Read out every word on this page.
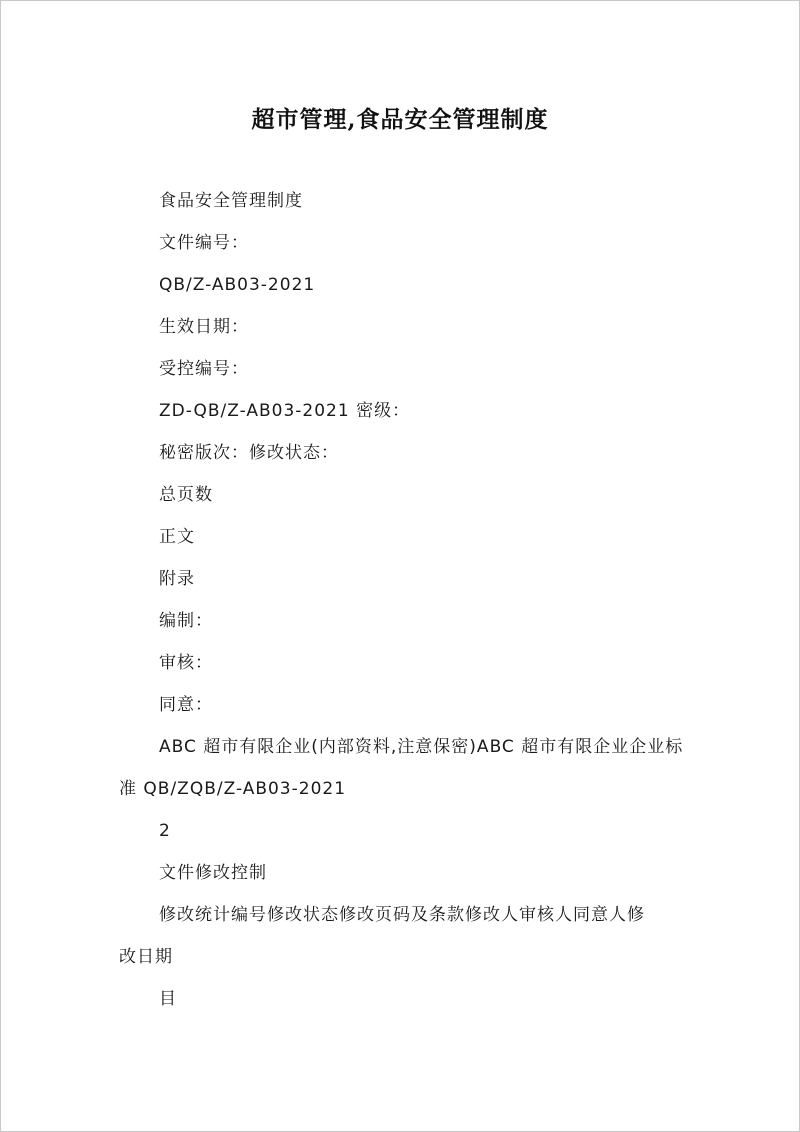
超市管理,食品安全管理制度
食品安全管理制度
文件编号：
QB/Z-AB03-2021
生效日期：
受控编号：
ZD-QB/Z-AB03-2021 密级：
秘密版次：修改状态：
总页数
正文
附录
编制：
审核：
同意：
ABC 超市有限企业(内部资料,注意保密)ABC 超市有限企业企业标
准 QB/ZQB/Z-AB03-2021
2
文件修改控制
修改统计编号修改状态修改页码及条款修改人审核人同意人修
改日期
目
